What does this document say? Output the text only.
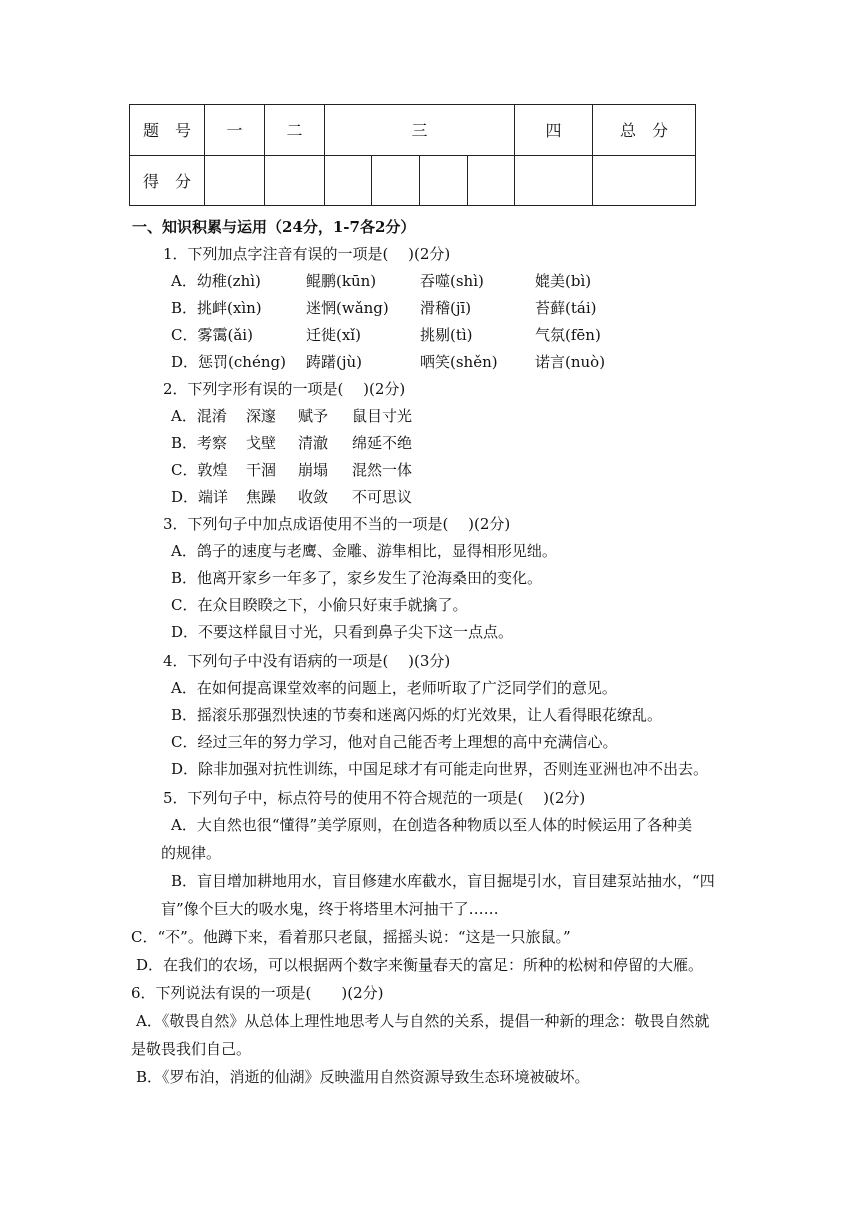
题　号	一	二	三				四	总　分
得　分								
一、知识积累与运用（24分，1-7各2分）
1．下列加点字注音有误的一项是(　 )(2分)
A．幼稚(zhì)	鲲鹏(kūn)	吞噬(shì)	媲美(bì)
B．挑衅(xìn)	迷惘(wǎng) 滑稽(jī)	苔藓(tái)
C．雾霭(ǎi)	迁徙(xǐ)	挑剔(tì)	气氛(fēn)
D．惩罚(chéng) 踌躇(jù)	哂笑(shěn) 诺言(nuò)
2．下列字形有误的一项是(　 )(2分)
A．混淆 深邃 赋予 鼠目寸光
B．考察 戈壁 清澈 绵延不绝
C．敦煌 干涸 崩塌 混然一体
D．端详 焦躁 收敛 不可思议
3．下列句子中加点成语使用不当的一项是(　 )(2分)
A．鸽子的速度与老鹰、金雕、游隼相比，显得相形见绌。
B．他离开家乡一年多了，家乡发生了沧海桑田的变化。
C．在众目睽睽之下，小偷只好束手就擒了。
D．不要这样鼠目寸光，只看到鼻子尖下这一点点。
4．下列句子中没有语病的一项是(　 )(3分)
A．在如何提高课堂效率的问题上，老师听取了广泛同学们的意见。
B．摇滚乐那强烈快速的节奏和迷离闪烁的灯光效果，让人看得眼花缭乱。
C．经过三年的努力学习，他对自己能否考上理想的高中充满信心。
D．除非加强对抗性训练，中国足球才有可能走向世界，否则连亚洲也冲不出去。
5．下列句子中，标点符号的使用不符合规范的一项是(　 )(2分)
A．大自然也很“懂得”美学原则，在创造各种物质以至人体的时候运用了各种美
的规律。
B．盲目增加耕地用水，盲目修建水库截水，盲目掘堤引水，盲目建泵站抽水，“四
盲”像个巨大的吸水鬼，终于将塔里木河抽干了……
C．“不”。他蹲下来，看着那只老鼠，摇摇头说：“这是一只旅鼠。”
D．在我们的农场，可以根据两个数字来衡量春天的富足：所种的松树和停留的大雁。
6．下列说法有误的一项是(　　)(2分)
A．《敬畏自然》从总体上理性地思考人与自然的关系，提倡一种新的理念：敬畏自然就
是敬畏我们自己。
B．《罗布泊，消逝的仙湖》反映滥用自然资源导致生态环境被破坏。
